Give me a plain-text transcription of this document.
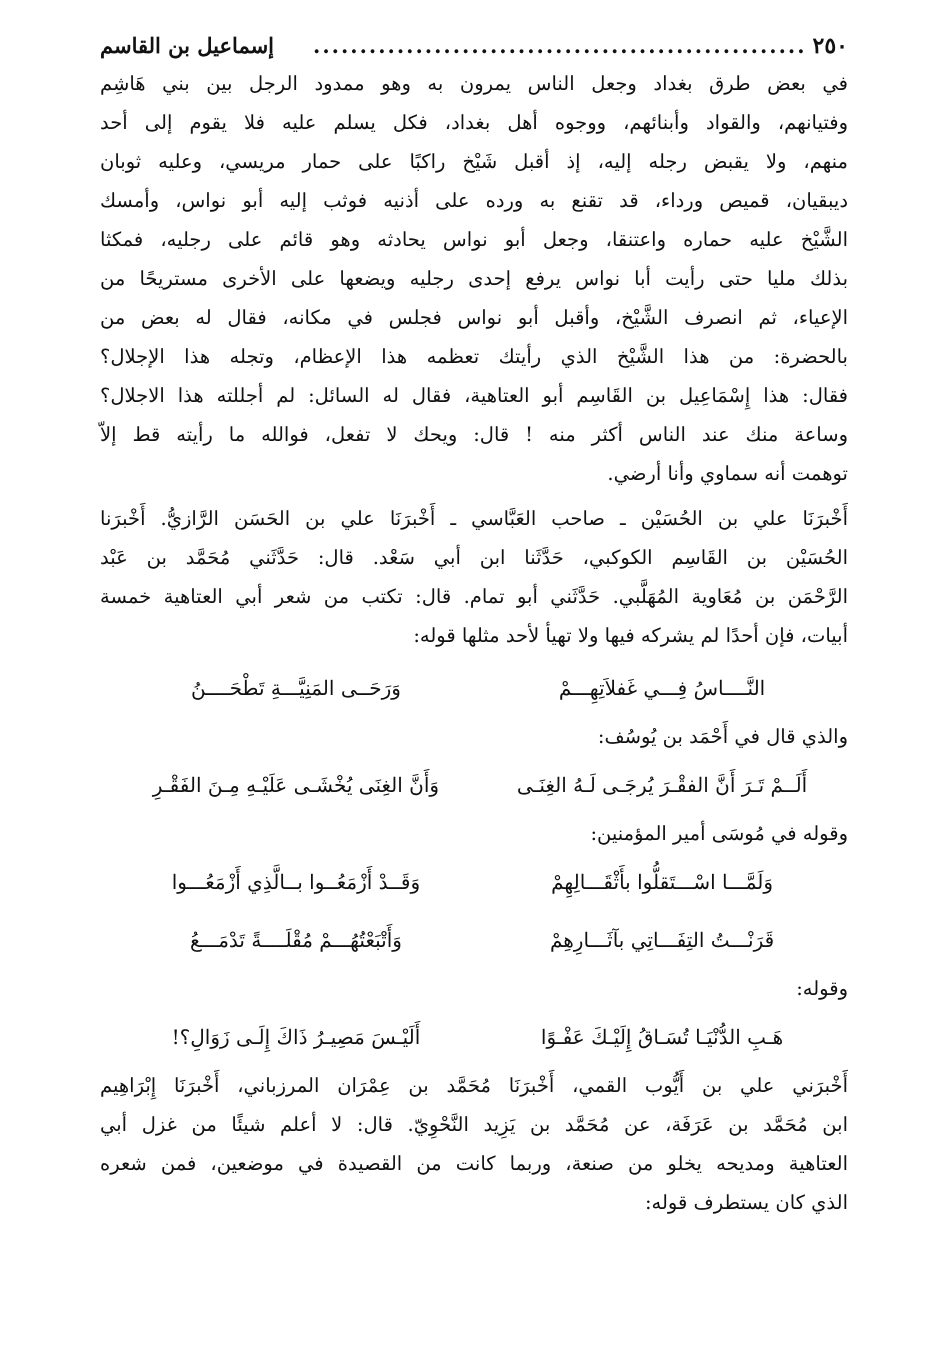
٢٥٠
.....................................................
إسماعيل بن القاسم
في بعض طرق بغداد وجعل الناس يمرون به وهو ممدود الرجل بين بني هَاشِم
وفتيانهم، والقواد وأبنائهم، ووجوه أهل بغداد، فكل يسلم عليه فلا يقوم إلى أحد
منهم، ولا يقبض رجله إليه، إذ أقبل شَيْخ راكبًا على حمار مريسي، وعليه ثوبان
ديبقيان، قميص ورداء، قد تقنع به ورده على أذنيه فوثب إليه أبو نواس، وأمسك
الشَّيْخ عليه حماره واعتنقا، وجعل أبو نواس يحادثه وهو قائم على رجليه، فمكثا
بذلك مليا حتى رأيت أبا نواس يرفع إحدى رجليه ويضعها على الأخرى مستريحًا من
الإعياء، ثم انصرف الشَّيْخ، وأقبل أبو نواس فجلس في مكانه، فقال له بعض من
بالحضرة: من هذا الشَّيْخ الذي رأيتك تعظمه هذا الإعظام، وتجله هذا الإجلال؟
فقال: هذا إِسْمَاعِيل بن القَاسِم أبو العتاهية، فقال له السائل: لم أجللته هذا الاجلال؟
وساعة منك عند الناس أكثر منه ! قال: ويحك لا تفعل، فوالله ما رأيته قط إلاّ
توهمت أنه سماوي وأنا أرضي.
أَخْبرَنَا علي بن الحُسَيْن ـ صاحب العَبَّاسي ـ أَخْبرَنَا علي بن الحَسَن الرَّازيُّ. أَخْبرَنا
الحُسَيْن بن القَاسِم الكوكبي، حَدَّثَنا ابن أبي سَعْد. قال: حَدَّثَني مُحَمَّد بن عَبْد
الرَّحْمَن بن مُعَاوية المُهَلَّبي. حَدَّثَني أبو تمام. قال: تكتب من شعر أبي العتاهية خمسة
أبيات، فإن أحدًا لم يشركه فيها ولا تهيأ لأحد مثلها قوله:
النَّــــاسُ فِـــي غَفلاَتِهِـــمْ
وَرَحَــى المَنِيَّـــةِ تَطْحَــــنُ
والذي قال في أَحْمَد بن يُوسُف:
أَلَــمْ تَـرَ أَنَّ الفقْـرَ يُرجَـى لَـهُ الغِنَـى
وَأَنَّ الغِنَى يُخْشَـى عَلَيْـهِ مِـنَ الفَقْـرِ
وقوله في مُوسَى أمير المؤمنين:
وَلَمَّـــا اسْـــتَقلُّوا بأَثْقَـــالِهِمْ
وَقَــدْ أَزْمَعُــوا بــالَّذِي أَزْمَعُـــوا
قَرَنْـــتُ التِفَـــاتِي بآثَـــارِهِمْ
وَأَتْبَعْتُهُـــمْ مُقْلَــــةً تَدْمَـــعُ
وقوله:
هَـبِ الدُّنْيَـا تُسَـاقُ إِلَيْـكَ عَفْـوًا
أَلَيْـسَ مَصِيـرُ ذَاكَ إِلَـى زَوَالِ؟!
أَخْبرَني علي بن أَيُّوب القمي، أَخْبرَنَا مُحَمَّد بن عِمْرَان المرزباني، أَخْبرَنَا إِبْرَاهِيم
ابن مُحَمَّد بن عَرَفَة، عن مُحَمَّد بن يَزِيد النَّحْوِيّ. قال: لا أعلم شيئًا من غزل أبي
العتاهية ومديحه يخلو من صنعة، وربما كانت من القصيدة في موضعين، فمن شعره
الذي كان يستطرف قوله:
